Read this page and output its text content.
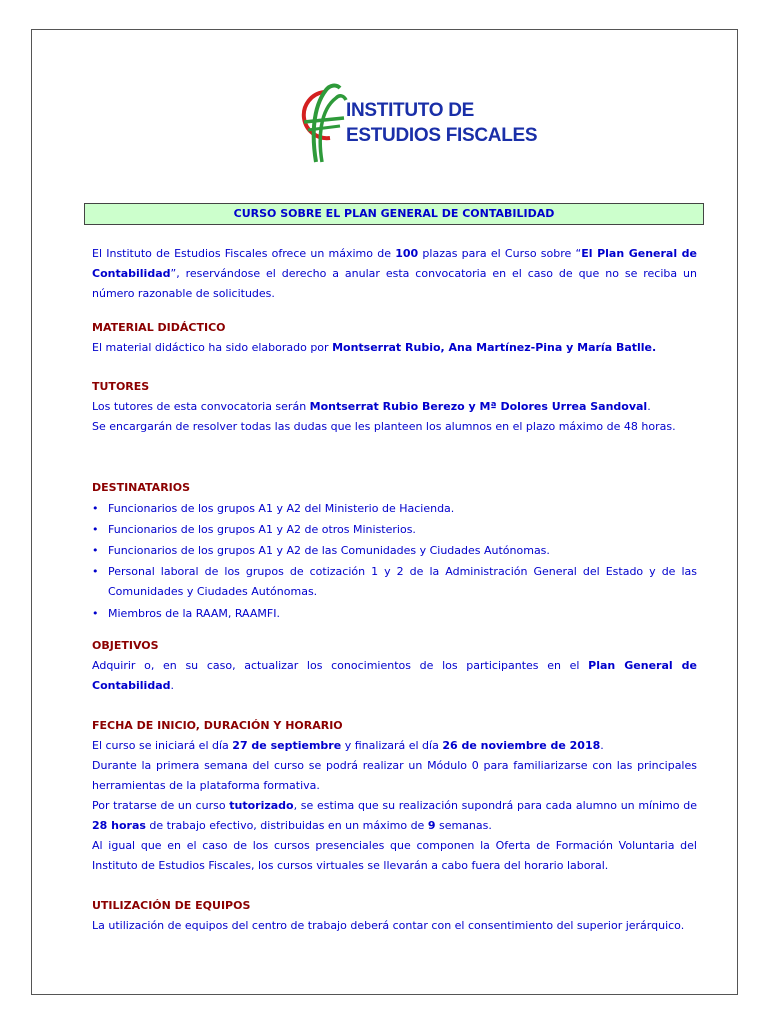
INSTITUTO DE
ESTUDIOS FISCALES
CURSO SOBRE EL PLAN GENERAL DE CONTABILIDAD
El Instituto de Estudios Fiscales ofrece un máximo de 100 plazas para el Curso sobre “El Plan General de Contabilidad”, reservándose el derecho a anular esta convocatoria en el caso de que no se reciba un número razonable de solicitudes.
MATERIAL DIDÁCTICO
El material didáctico ha sido elaborado por Montserrat Rubio, Ana Martínez-Pina y María Batlle.
TUTORES
Los tutores de esta convocatoria serán Montserrat Rubio Berezo y Mª Dolores Urrea Sandoval.
Se encargarán de resolver todas las dudas que les planteen los alumnos en el plazo máximo de 48 horas.
DESTINATARIOS
• Funcionarios de los grupos A1 y A2 del Ministerio de Hacienda.
• Funcionarios de los grupos A1 y A2 de otros Ministerios.
• Funcionarios de los grupos A1 y A2 de las Comunidades y Ciudades Autónomas.
• Personal laboral de los grupos de cotización 1 y 2 de la Administración General del Estado y de las Comunidades y Ciudades Autónomas.
• Miembros de la RAAM, RAAMFI.
OBJETIVOS
Adquirir o, en su caso, actualizar los conocimientos de los participantes en el Plan General de Contabilidad.
FECHA DE INICIO, DURACIÓN Y HORARIO
El curso se iniciará el día 27 de septiembre y finalizará el día 26 de noviembre de 2018.
Durante la primera semana del curso se podrá realizar un Módulo 0 para familiarizarse con las principales herramientas de la plataforma formativa.
Por tratarse de un curso tutorizado, se estima que su realización supondrá para cada alumno un mínimo de 28 horas de trabajo efectivo, distribuidas en un máximo de 9 semanas.
Al igual que en el caso de los cursos presenciales que componen la Oferta de Formación Voluntaria del Instituto de Estudios Fiscales, los cursos virtuales se llevarán a cabo fuera del horario laboral.
UTILIZACIÓN DE EQUIPOS
La utilización de equipos del centro de trabajo deberá contar con el consentimiento del superior jerárquico.
